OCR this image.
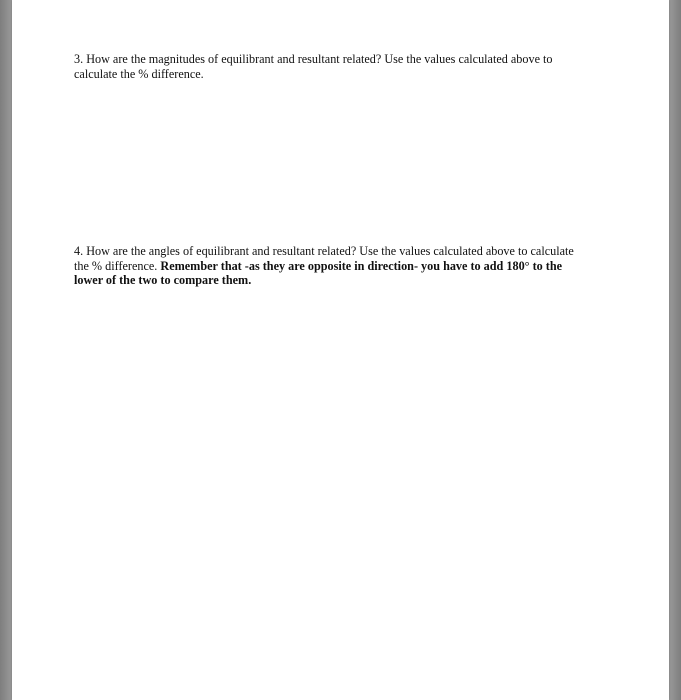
3. How are the magnitudes of equilibrant and resultant related? Use the values calculated above to
calculate the % difference.
4. How are the angles of equilibrant and resultant related? Use the values calculated above to calculate
the % difference. Remember that -as they are opposite in direction- you have to add 180° to the
lower of the two to compare them.
